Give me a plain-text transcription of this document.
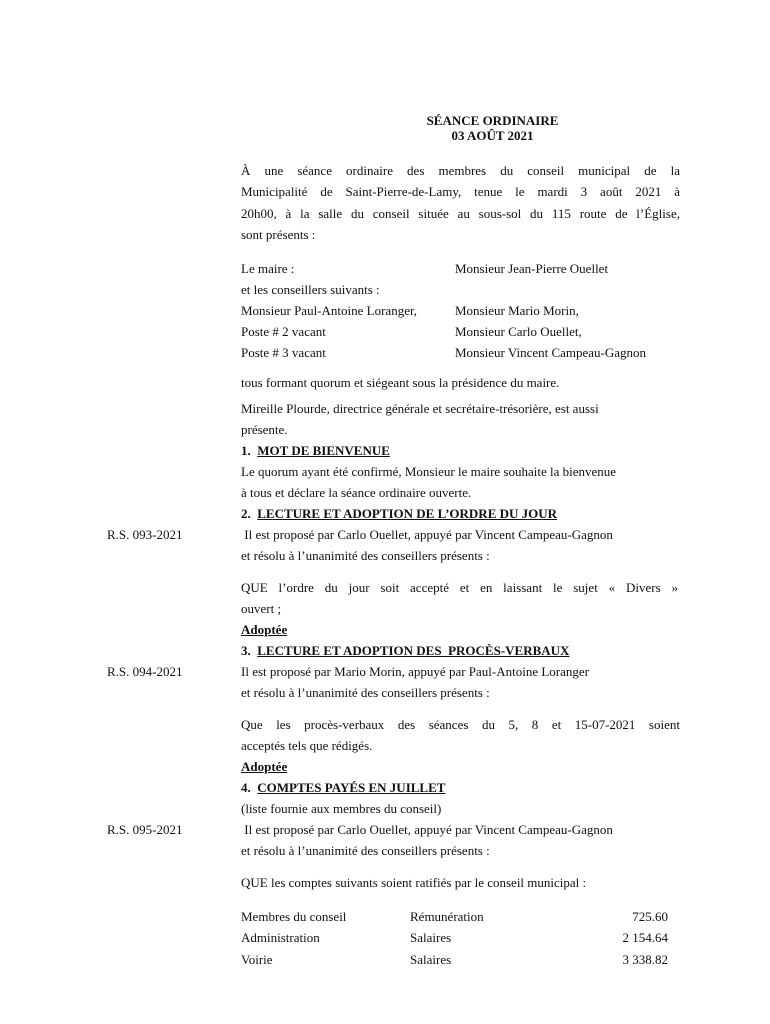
SÉANCE ORDINAIRE
03 AOÛT 2021
À une séance ordinaire des membres du conseil municipal de la
Municipalité de Saint-Pierre-de-Lamy, tenue le mardi 3 août 2021 à
20h00, à la salle du conseil située au sous-sol du 115 route de l’Église,
sont présents :
Le maire :	Monsieur Jean-Pierre Ouellet
et les conseillers suivants :
Monsieur Paul-Antoine Loranger,	Monsieur Mario Morin,
Poste # 2 vacant	Monsieur Carlo Ouellet,
Poste # 3 vacant	Monsieur Vincent Campeau-Gagnon
tous formant quorum et siégeant sous la présidence du maire.
Mireille Plourde, directrice générale et secrétaire-trésorière, est aussi
présente.
1. MOT DE BIENVENUE
Le quorum ayant été confirmé, Monsieur le maire souhaite la bienvenue
à tous et déclare la séance ordinaire ouverte.
2. LECTURE ET ADOPTION DE L’ORDRE DU JOUR
R.S. 093-2021	Il est proposé par Carlo Ouellet, appuyé par Vincent Campeau-Gagnon
et résolu à l’unanimité des conseillers présents :
QUE l’ordre du jour soit accepté et en laissant le sujet « Divers »
ouvert ;
Adoptée
3. LECTURE ET ADOPTION DES  PROCÈS-VERBAUX
R.S. 094-2021	Il est proposé par Mario Morin, appuyé par Paul-Antoine Loranger
et résolu à l’unanimité des conseillers présents :
Que les procès-verbaux des séances du 5, 8 et 15-07-2021 soient
acceptés tels que rédigés.
Adoptée
4. COMPTES PAYÉS EN JUILLET
(liste fournie aux membres du conseil)
R.S. 095-2021	Il est proposé par Carlo Ouellet, appuyé par Vincent Campeau-Gagnon
et résolu à l’unanimité des conseillers présents :
QUE les comptes suivants soient ratifiés par le conseil municipal :
Membres du conseil	Rémunération	725.60
Administration	Salaires	2 154.64
Voirie	Salaires	3 338.82
